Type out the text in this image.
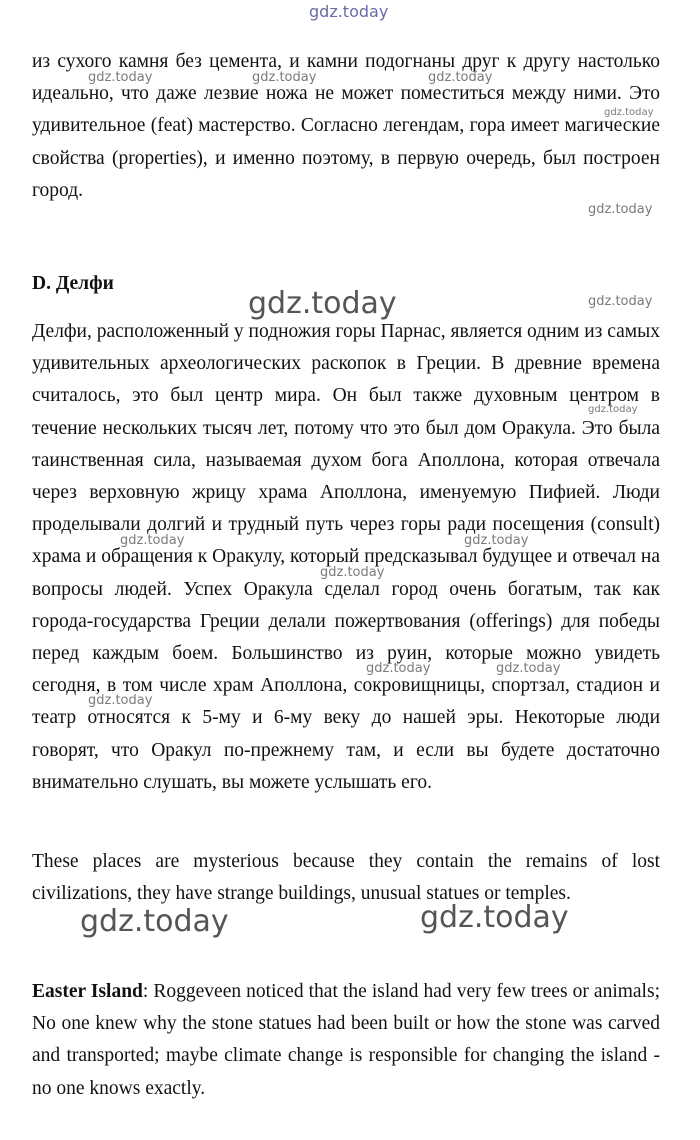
gdz.today

из сухого камня без цемента, и камни подогнаны друг к другу настолько идеально, что даже лезвие ножа не может поместиться между ними. Это удивительное (feat) мастерство. Согласно легендам, гора имеет магические свойства (properties), и именно поэтому, в первую очередь, был построен город.

D. Делфи

Делфи, расположенный у подножия горы Парнас, является одним из самых удивительных археологических раскопок в Греции. В древние времена считалось, это был центр мира. Он был также духовным центром в течение нескольких тысяч лет, потому что это был дом Оракула. Это была таинственная сила, называемая духом бога Аполлона, которая отвечала через верховную жрицу храма Аполлона, именуемую Пифией. Люди проделывали долгий и трудный путь через горы ради посещения (consult) храма и обращения к Оракулу, который предсказывал будущее и отвечал на вопросы людей. Успех Оракула сделал город очень богатым, так как города-государства Греции делали пожертвования (offerings) для победы перед каждым боем. Большинство из руин, которые можно увидеть сегодня, в том числе храм Аполлона, сокровищницы, спортзал, стадион и театр относятся к 5-му и 6-му веку до нашей эры. Некоторые люди говорят, что Оракул по-прежнему там, и если вы будете достаточно внимательно слушать, вы можете услышать его.

These places are mysterious because they contain the remains of lost civilizations, they have strange buildings, unusual statues or temples.

Easter Island: Roggeveen noticed that the island had very few trees or animals; No one knew why the stone statues had been built or how the stone was carved and transported; maybe climate change is responsible for changing the island - no one knows exactly.

gdz.today	gdz.today	gdz.today
gdz.today
gdz.today
gdz.today	gdz.today
gdz.today
gdz.today	gdz.today
gdz.today
gdz.today	gdz.today
gdz.today
gdz.today	gdz.today
